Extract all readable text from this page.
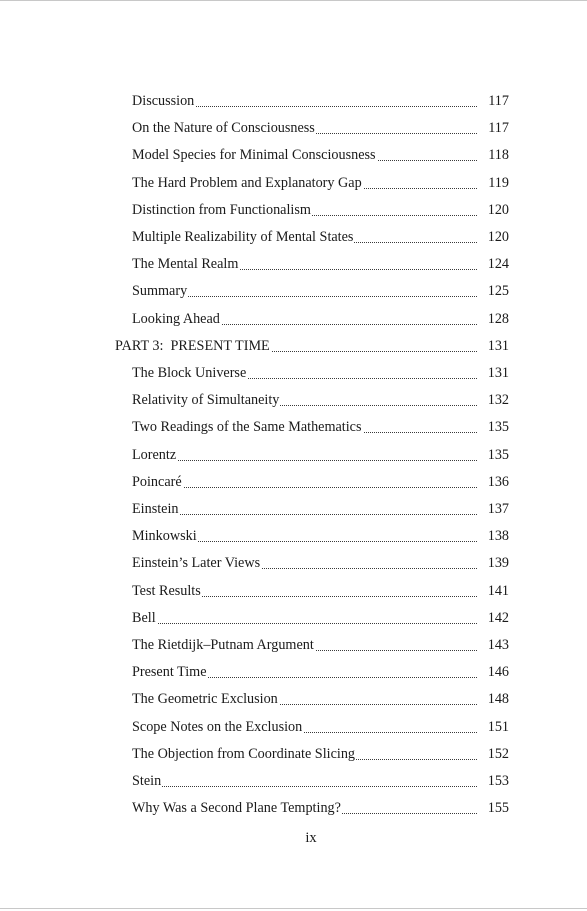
Discussion	117
On the Nature of Consciousness	117
Model Species for Minimal Consciousness	118
The Hard Problem and Explanatory Gap	119
Distinction from Functionalism	120
Multiple Realizability of Mental States	120
The Mental Realm	124
Summary	125
Looking Ahead	128
PART 3:  PRESENT TIME	131
The Block Universe	131
Relativity of Simultaneity	132
Two Readings of the Same Mathematics	135
Lorentz	135
Poincaré	136
Einstein	137
Minkowski	138
Einstein’s Later Views	139
Test Results	141
Bell	142
The Rietdijk–Putnam Argument	143
Present Time	146
The Geometric Exclusion	148
Scope Notes on the Exclusion	151
The Objection from Coordinate Slicing	152
Stein	153
Why Was a Second Plane Tempting?	155
ix
